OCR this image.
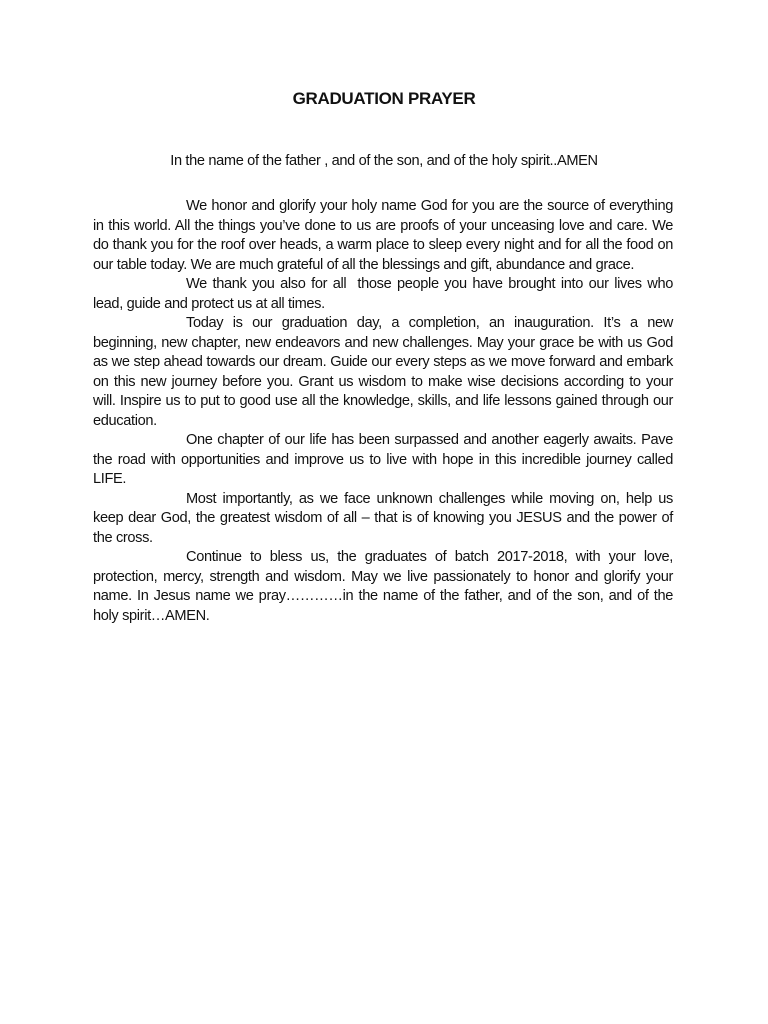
GRADUATION PRAYER

In the name of the father , and of the son, and of the holy spirit..AMEN

We honor and glorify your holy name God for you are the source of everything in this world. All the things you’ve done to us are proofs of your unceasing love and care. We do thank you for the roof over heads, a warm place to sleep every night and for all the food on our table today. We are much grateful of all the blessings and gift, abundance and grace.

We thank you also for all  those people you have brought into our lives who lead, guide and protect us at all times.

Today is our graduation day, a completion, an inauguration. It’s a new beginning, new chapter, new endeavors and new challenges. May your grace be with us God as we step ahead towards our dream. Guide our every steps as we move forward and embark on this new journey before you. Grant us wisdom to make wise decisions according to your will. Inspire us to put to good use all the knowledge, skills, and life lessons gained through our education.

One chapter of our life has been surpassed and another eagerly awaits. Pave the road with opportunities and improve us to live with hope in this incredible journey called LIFE.

Most importantly, as we face unknown challenges while moving on, help us keep dear God, the greatest wisdom of all – that is of knowing you JESUS and the power of the cross.

Continue to bless us, the graduates of batch 2017-2018, with your love, protection, mercy, strength and wisdom. May we live passionately to honor and glorify your name. In Jesus name we pray…………in the name of the father, and of the son, and of the holy spirit…AMEN.
